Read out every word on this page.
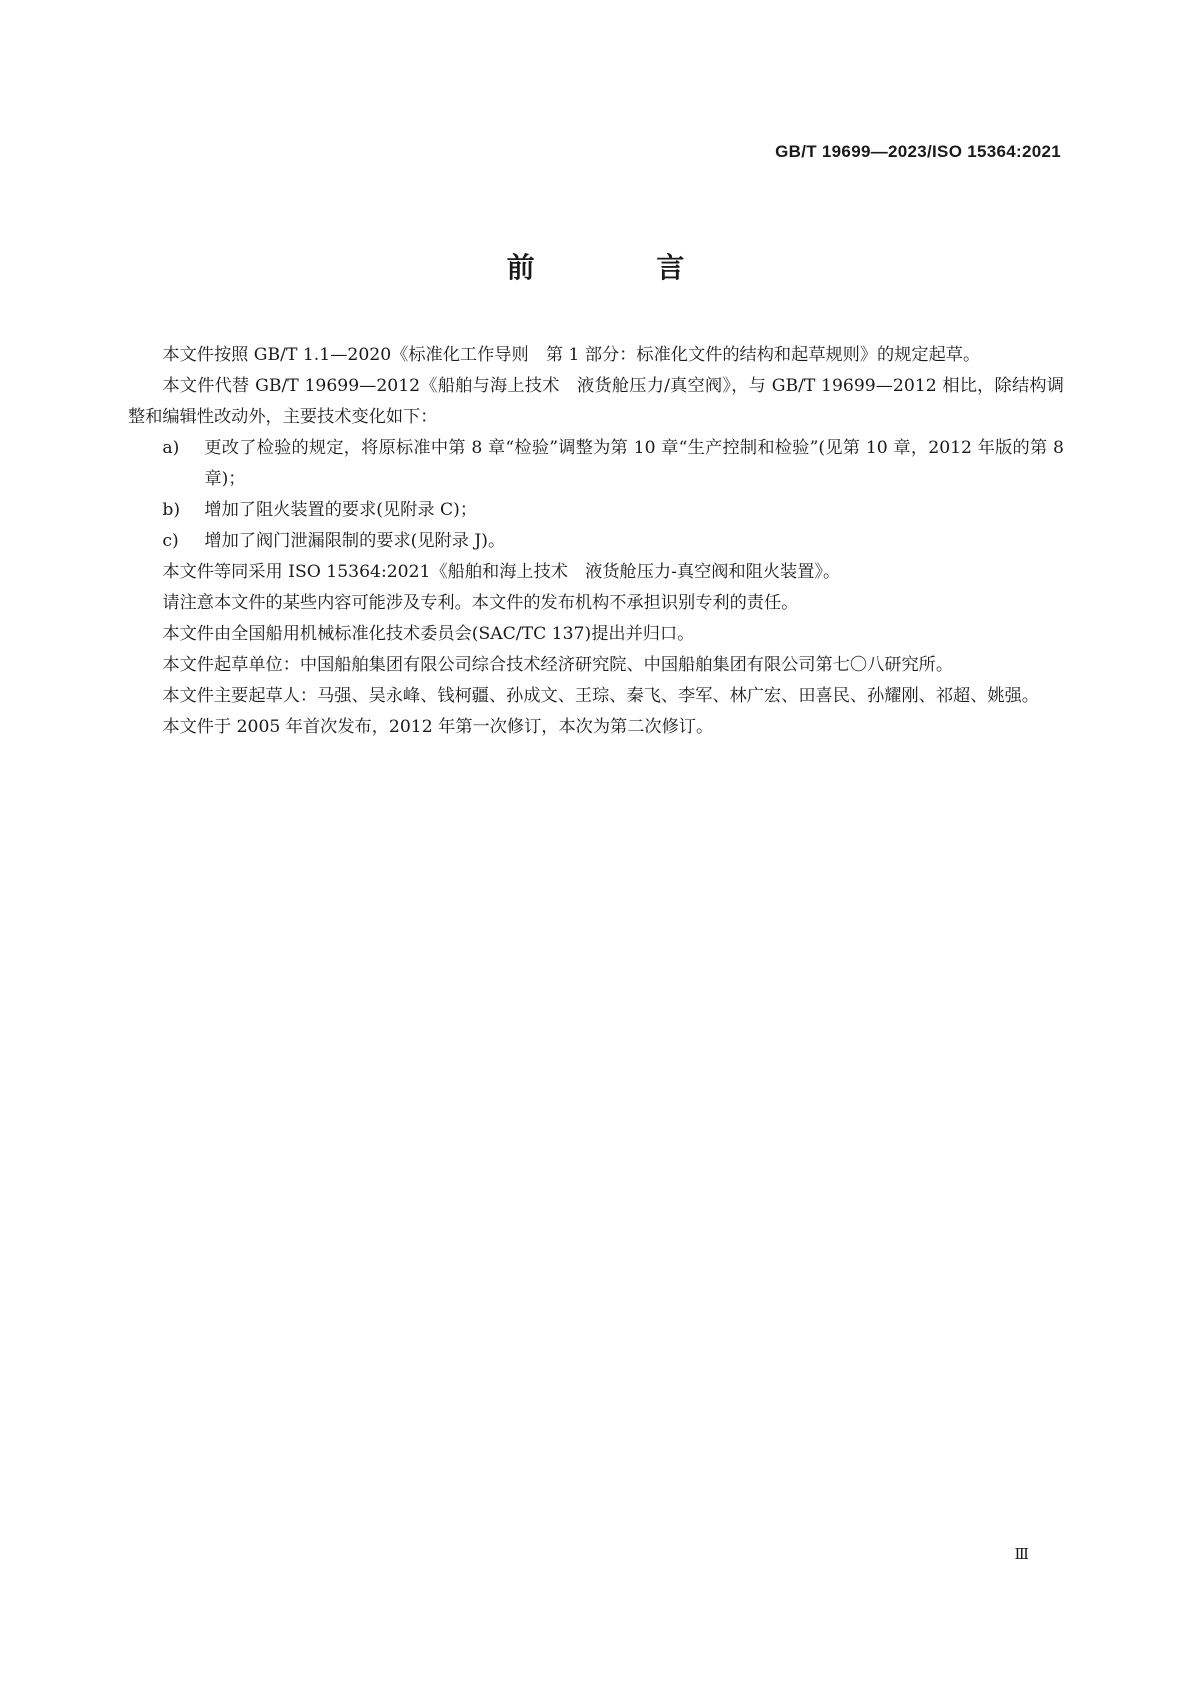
GB/T 19699—2023/ISO 15364:2021
前 言

本文件按照 GB/T 1.1—2020《标准化工作导则　第 1 部分：标准化文件的结构和起草规则》的规定起草。

本文件代替 GB/T 19699—2012《船舶与海上技术　液货舱压力/真空阀》，与 GB/T 19699—2012 相比，除结构调整和编辑性改动外，主要技术变化如下：

a)	更改了检验的规定，将原标准中第 8 章“检验”调整为第 10 章“生产控制和检验”(见第 10 章，2012 年版的第 8 章)；
b)	增加了阻火装置的要求(见附录 C)；
c)	增加了阀门泄漏限制的要求(见附录 J)。

本文件等同采用 ISO 15364:2021《船舶和海上技术　液货舱压力-真空阀和阻火装置》。

请注意本文件的某些内容可能涉及专利。本文件的发布机构不承担识别专利的责任。

本文件由全国船用机械标准化技术委员会(SAC/TC 137)提出并归口。

本文件起草单位：中国船舶集团有限公司综合技术经济研究院、中国船舶集团有限公司第七〇八研究所。

本文件主要起草人：马强、吴永峰、钱柯疆、孙成文、王琮、秦飞、李军、林广宏、田喜民、孙耀刚、祁超、姚强。

本文件于 2005 年首次发布，2012 年第一次修订，本次为第二次修订。

Ⅲ
